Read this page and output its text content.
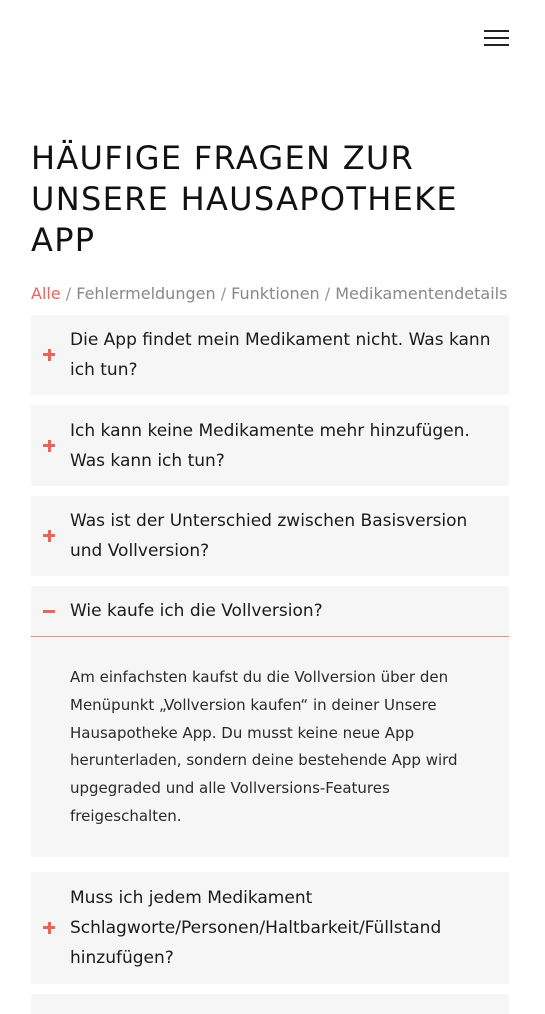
HÄUFIGE FRAGEN ZUR UNSERE HAUSAPOTHEKE APP
Alle / Fehlermeldungen / Funktionen / Medikamentendetails
Die App findet mein Medikament nicht. Was kann ich tun?
Ich kann keine Medikamente mehr hinzufügen. Was kann ich tun?
Was ist der Unterschied zwischen Basisversion und Vollversion?
Wie kaufe ich die Vollversion?
Am einfachsten kaufst du die Vollversion über den Menüpunkt „Vollversion kaufen“ in deiner Unsere Hausapotheke App. Du musst keine neue App herunterladen, sondern deine bestehende App wird upgegraded und alle Vollversions-Features freigeschalten.
Muss ich jedem Medikament Schlagworte/Personen/Haltbarkeit/Füllstand hinzufügen?
